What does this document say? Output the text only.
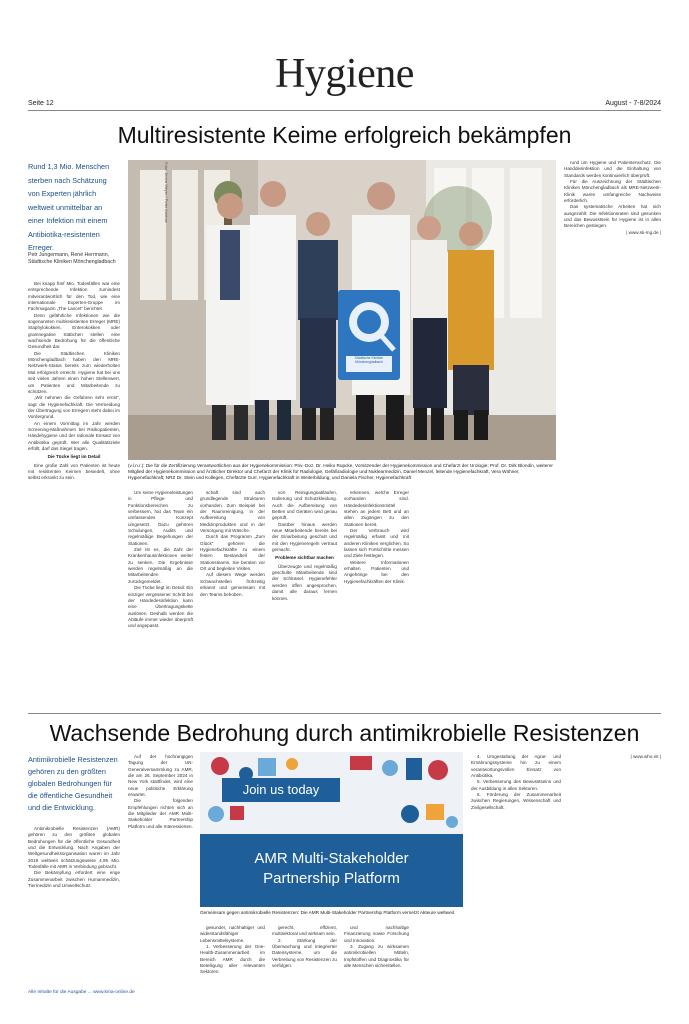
Hygiene
Seite 12	August - 7-8/2024
Multiresistente Keime erfolgreich bekämpfen
Rund 1,3 Mio. Menschen sterben nach Schätzung von Experten jährlich weltweit unmittelbar an einer Infektion mit einem Antibiotika-resistenten Erreger.
Petr Jungermann, René Herrmann, Städtische Kliniken Mönchengladbach

Bei knapp fünf Mio. Todesfällen war eine entsprechende Infektion zumindest mitverantwortlich für den Tod, wie eine internationale Experten-Gruppe im Fachmagazin „The Lancet“ berichtet.

Denn gefährliche Infektionen wie die sogenannten multiresistenten Erreger (MRE) Staphylokokken, Enterokokken oder gramnegative Stäbchen stellen eine wachsende Bedrohung für die öffentliche Gesundheit dar.

Die Städtischen Kliniken Mönchengladbach haben den MRE-Netzwerk-Status bereits zum wiederholten Mal erfolgreich erreicht. Hygiene hat bei uns seit vielen Jahren einen hohen Stellenwert, um Patienten und Mitarbeitende zu schützen.

„Wir nehmen die Gefahren sehr ernst“, sagt die Hygienefachkraft. Die Vermeidung der Übertragung von Erregern steht dabei im Vordergrund.

An einem Vormittag im Jahr werden Screening-Maßnahmen bei Risikopatienten, Händehygiene und der rationale Einsatz von Antibiotika geprüft. Wer alle Qualitätsziele erfüllt, darf das Siegel tragen.

Die Tücke liegt im Detail

Eine große Zahl von Patienten ist heute mit resistenten Keimen besiedelt, ohne selbst erkrankt zu sein.

Städtische Kliniken Mönchengladbach
Foto: Jenna Meyer / Peter Ariobaz
(v.l.n.r.): Die für die Zertifizierung Verantwortlichen aus der Hygienekommission: Priv.-Doz. Dr. Heiko Rupcke, Vorsitzender der Hygienekommission und Chefarzt der Urologie; Prof. Dr. Dirk Blondin, weiterer Mitglied der Hygienekommission und Ärztlicher Direktor und Chefarzt der Klinik für Radiologie, Gefäßradiologie und Nuklearmedizin, Daniel Menzel, leitende Hygienefachkraft, Vera Wöhner, Hygienefachkraft; NRZ Dr. Stein und Kollegen, Chefärzte Gurr, Hygienefachkraft in Weiterbildung, und Daniela Fischer, Hygienefachkraft

Um seine Hygieneleistungen in Pflege- und Funktionsbereichen zu verbessern, hat das Team ein umfassendes Konzept umgesetzt. Dazu gehören Schulungen, Audits und regelmäßige Begehungen der Stationen.

Ziel ist es, die Zahl der Krankenhausinfektionen weiter zu senken. Die Ergebnisse werden regelmäßig an die Mitarbeitenden zurückgemeldet.

Die Tücke liegt im Detail: Ein einziger vergessener Schritt bei der Händedesinfektion kann eine Übertragungskette auslösen. Deshalb werden die Abläufe immer wieder überprüft und angepasst.

schaft sind auch grundlegende Strukturen vorhanden. Zum Beispiel bei der Raumreinigung, in der Aufbereitung von Medizinprodukten und in der Versorgung mit Wäsche.

Durch das Programm „Zum Glück“ gehören die Hygienefachkräfte zu einem festen Bestandteil der Stationsteams. Sie beraten vor Ort und begleiten Visiten.

Auf diesem Wege werden Schwachstellen frühzeitig erkannt und gemeinsam mit den Teams behoben.

von Reinigungsabläufen, Isolierung und Schutzkleidung. Auch die Aufbereitung von Betten und Geräten wird genau geprüft.

Darüber hinaus werden neue Mitarbeitende bereits bei der Einarbeitung geschult und mit den Hygieneregeln vertraut gemacht.

Probleme sichtbar machen

Überzeugte und regelmäßig geschulte Mitarbeitende sind der Schlüssel. Hygienefehler werden offen angesprochen, damit alle daraus lernen können.

erkennen, welche Erreger vorhanden sind. Händedesinfektionsmittel stehen an jedem Bett und an allen Zugängen zu den Stationen bereit.

Der Verbrauch wird regelmäßig erfasst und mit anderen Kliniken verglichen. So lassen sich Fortschritte messen und Ziele festlegen.

Weitere Informationen erhalten Patienten und Angehörige bei den Hygienefachkräften der Klinik.

rund um Hygiene und Patientenschutz. Die Handdesinfektion und die Einhaltung von Standards werden kontinuierlich überprüft.

Für die Auszeichnung der Städtischen Kliniken Mönchengladbach als MRE-Netzwerk-Klinik waren umfangreiche Nachweise erforderlich.

Das systematische Arbeiten hat sich ausgezahlt: Die Infektionsraten sind gesunken und das Bewusstsein für Hygiene ist in allen Bereichen gestiegen.

| www.sk-mg.de |

Wachsende Bedrohung durch antimikrobielle Resistenzen
Antimikrobielle Resistenzen gehören zu den größten globalen Bedrohungen für die öffentliche Gesundheit und die Entwicklung.

Antimikrobielle Resistenzen (AMR) gehören zu den größten globalen Bedrohungen für die öffentliche Gesundheit und die Entwicklung. Nach Angaben der Weltgesundheitsorganisation waren im Jahr 2019 weltweit schätzungsweise 4,95 Mio. Todesfälle mit AMR in Verbindung gebracht.

Die Bekämpfung erfordert eine enge Zusammenarbeit zwischen Humanmedizin, Tiermedizin und Umweltschutz.

Auf der hochrangigen Tagung der UN-Generalversammlung zu AMR, die am 26. September 2024 in New York stattfindet, wird eine neue politische Erklärung erwartet.

Die folgenden Empfehlungen richten sich an die Mitglieder der AMR Multi-Stakeholder Partnership Platform und alle Interessierten.

Join us today
AMR Multi-Stakeholder
Partnership Platform
Gemeinsam gegen antimikrobielle Resistenzen: Die AMR Multi-Stakeholder Partnership Platform vernetzt Akteure weltweit.

gesunder, nachhaltiger und widerstandsfähiger Lebensmittelsysteme.

1. Verbesserung der One-Health-Zusammenarbeit im Bereich AMR durch die Beteiligung aller relevanten Sektoren.

gerecht, effizient, multisektoral und wirksam sein.

2. Stärkung der Überwachung und integrierter Datensysteme, um die Verbreitung von Resistenzen zu verfolgen.

und nachhaltige Finanzierung sowie Forschung und Innovation.

3. Zugang zu wirksamen antimikrobiellen Mitteln, Impfstoffen und Diagnostika für alle Menschen sicherstellen.

4. Umgestaltung der Agrar- und Ernährungssysteme hin zu einem verantwortungsvollen Einsatz von Antibiotika.

5. Verbesserung des Bewusstseins und der Ausbildung in allen Sektoren.

6. Förderung der Zusammenarbeit zwischen Regierungen, Wissenschaft und Zivilgesellschaft.

| www.who.int |

Alle Inhalte für die Ausgabe ... www.kma-online.de
